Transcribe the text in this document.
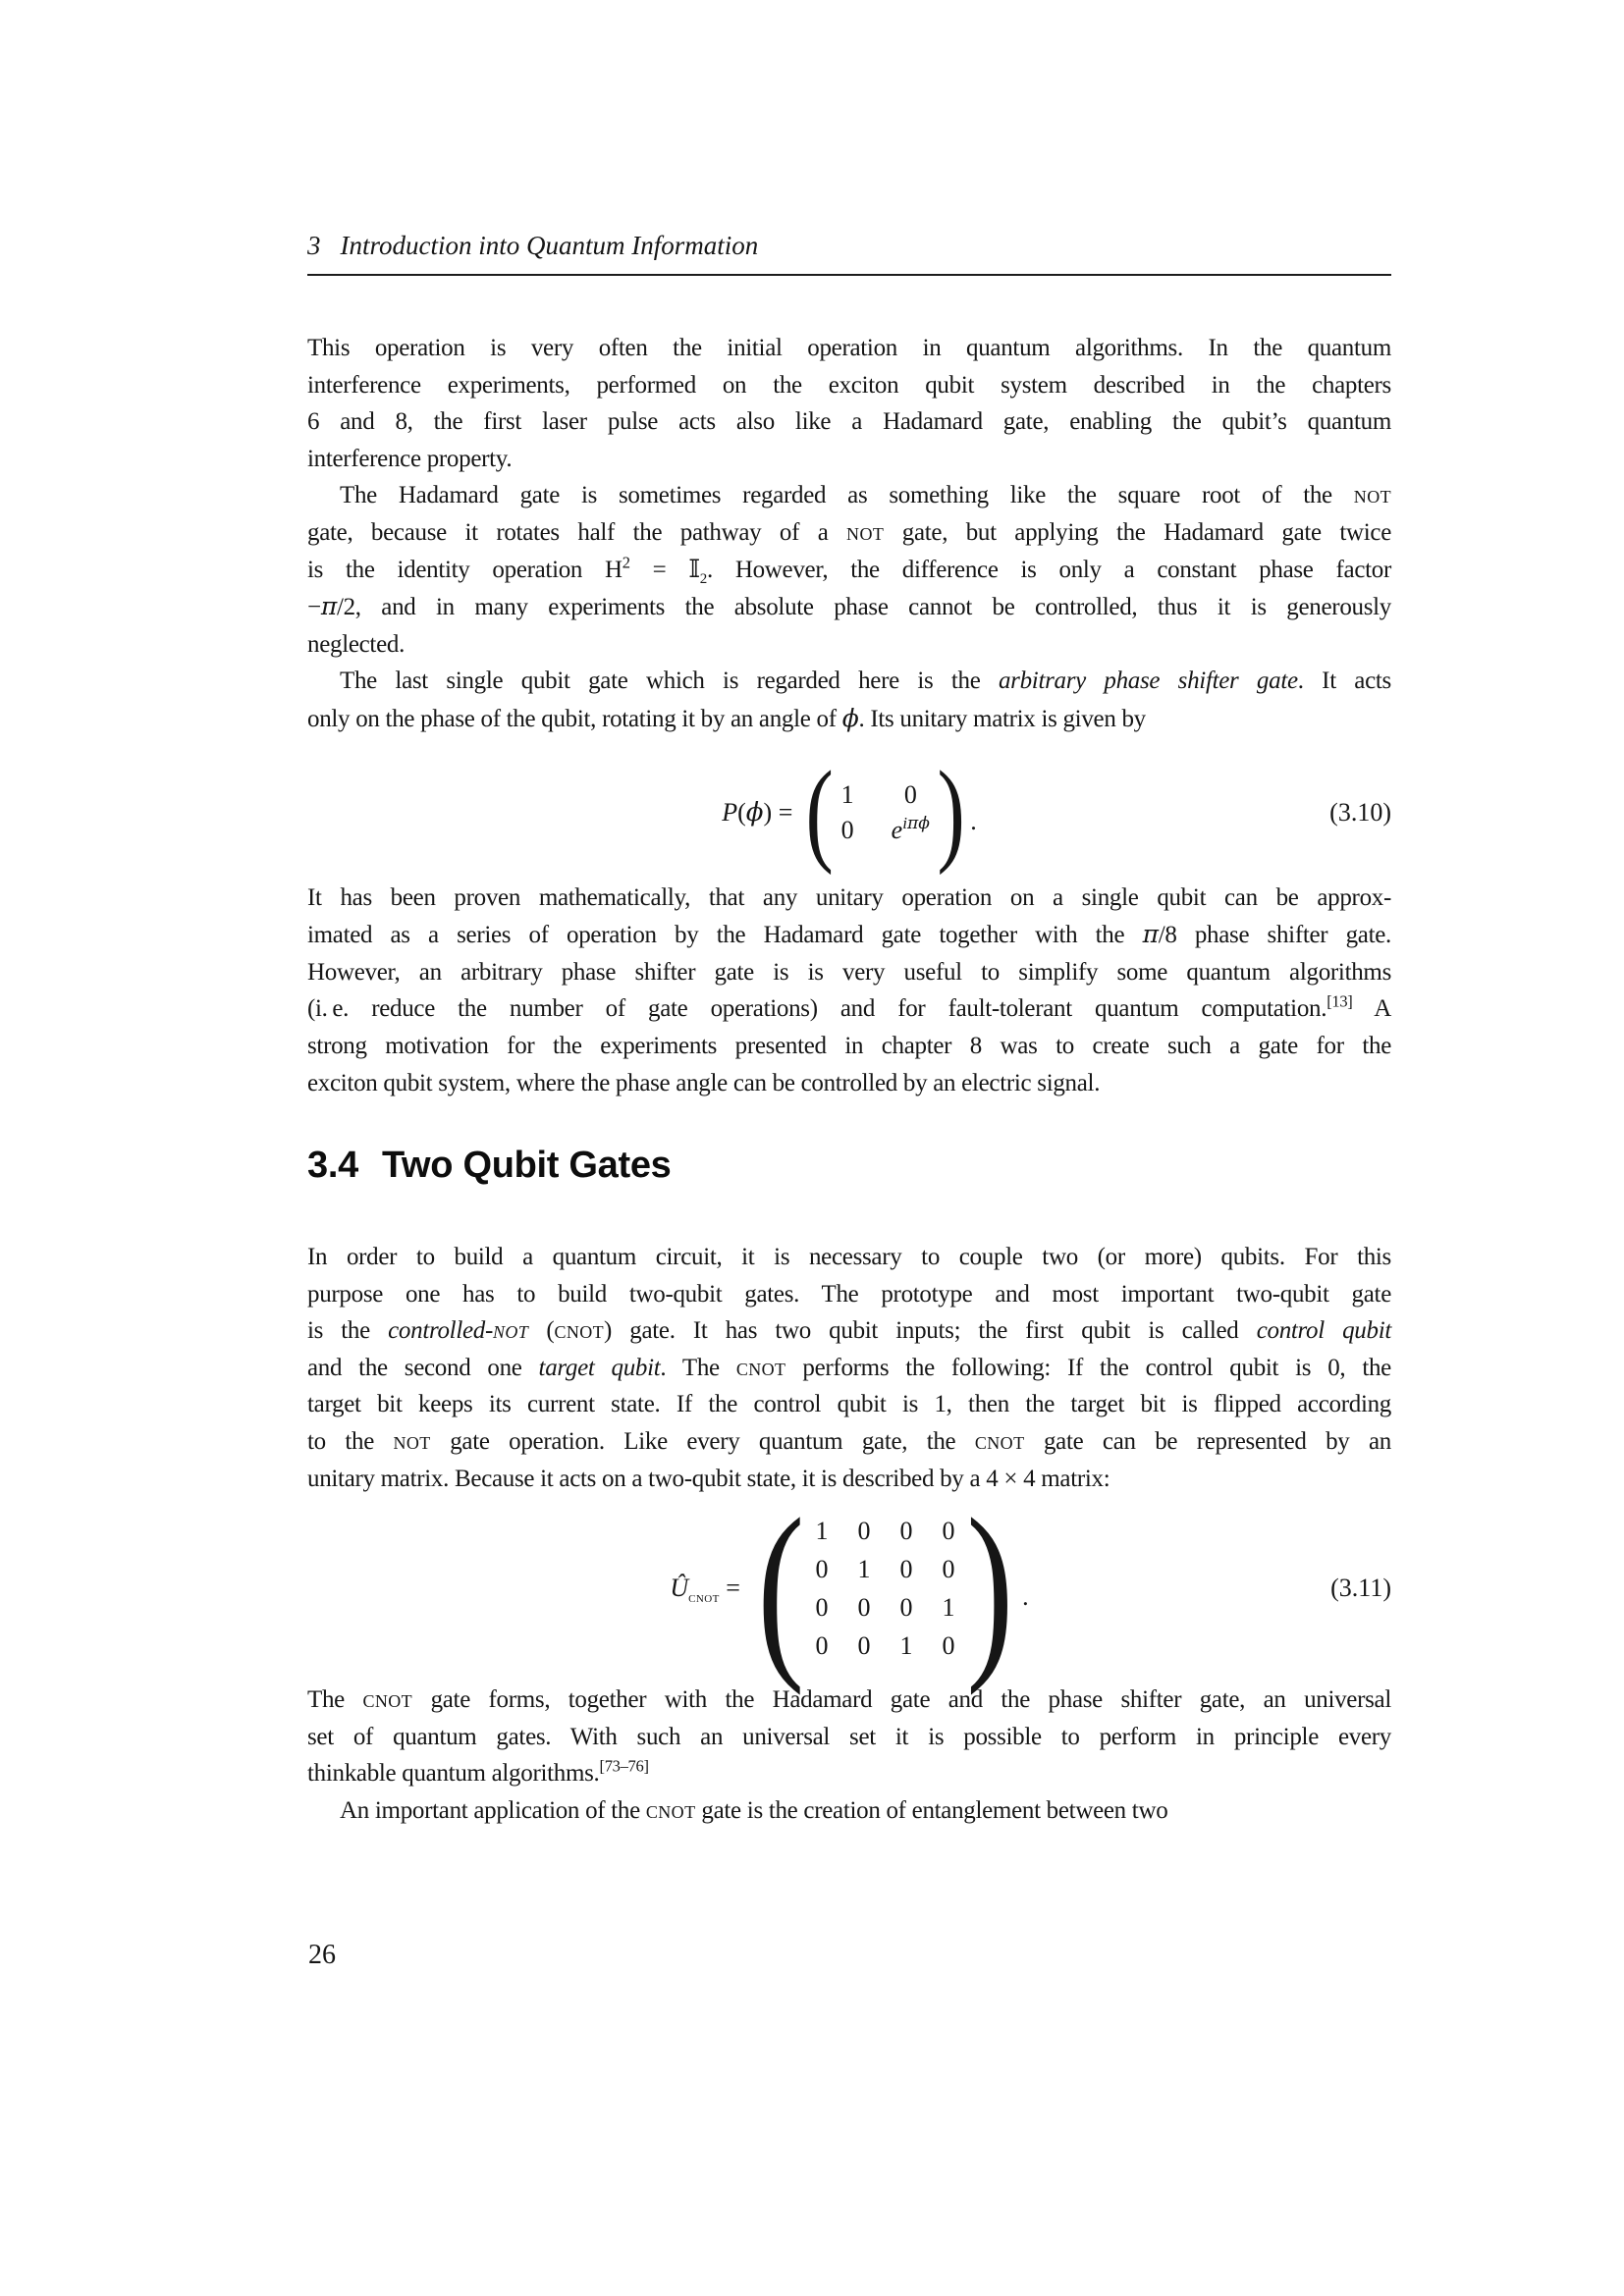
3 Introduction into Quantum Information
This operation is very often the initial operation in quantum algorithms. In the quantum
interference experiments, performed on the exciton qubit system described in the chapters
6 and 8, the first laser pulse acts also like a Hadamard gate, enabling the qubit’s quantum
interference property.
The Hadamard gate is sometimes regarded as something like the square root of the not
gate, because it rotates half the pathway of a not gate, but applying the Hadamard gate twice
is the identity operation $H^2$ = 𝕀$_2$. However, the difference is only a constant phase factor
−π/2, and in many experiments the absolute phase cannot be controlled, thus it is generously
neglected.
The last single qubit gate which is regarded here is the arbitrary phase shifter gate. It acts
only on the phase of the qubit, rotating it by an angle of ϕ. Its unitary matrix is given by
P(ϕ) = ( 1 0
0 $e^{i\pi\phi}$ ) .	(3.10)
It has been proven mathematically, that any unitary operation on a single qubit can be approx-
imated as a series of operation by the Hadamard gate together with the π/8 phase shifter gate.
However, an arbitrary phase shifter gate is is very useful to simplify some quantum algorithms
(i. e. reduce the number of gate operations) and for fault-tolerant quantum computation.[13] A
strong motivation for the experiments presented in chapter 8 was to create such a gate for the
exciton qubit system, where the phase angle can be controlled by an electric signal.
3.4 Two Qubit Gates
In order to build a quantum circuit, it is necessary to couple two (or more) qubits. For this
purpose one has to build two-qubit gates. The prototype and most important two-qubit gate
is the controlled-not (cnot) gate. It has two qubit inputs; the first qubit is called control qubit
and the second one target qubit. The cnot performs the following: If the control qubit is 0, the
target bit keeps its current state. If the control qubit is 1, then the target bit is flipped according
to the not gate operation. Like every quantum gate, the cnot gate can be represented by an
unitary matrix. Because it acts on a two-qubit state, it is described by a 4 × 4 matrix:
$Û_{cnot}$ = ( 1 0 0 0
0 1 0 0
0 0 0 1
0 0 1 0 ) .	(3.11)
The cnot gate forms, together with the Hadamard gate and the phase shifter gate, an universal
set of quantum gates. With such an universal set it is possible to perform in principle every
thinkable quantum algorithms.[73–76]
An important application of the cnot gate is the creation of entanglement between two
26
